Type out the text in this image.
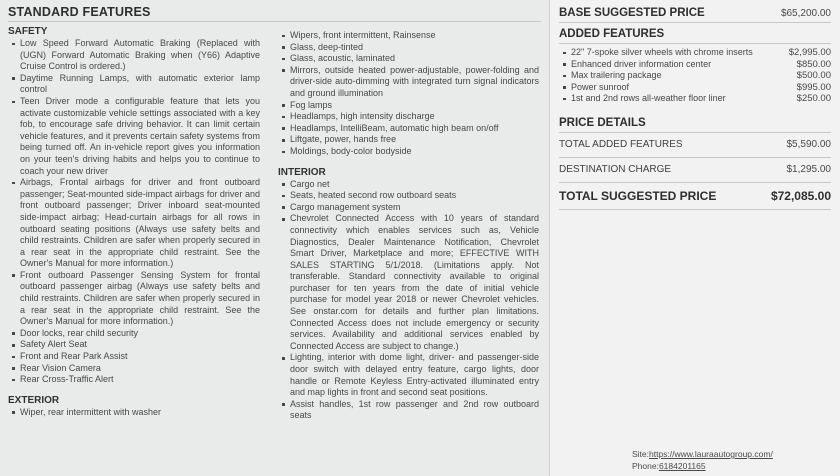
STANDARD FEATURES
SAFETY
Low Speed Forward Automatic Braking (Replaced with (UGN) Forward Automatic Braking when (Y66) Adaptive Cruise Control is ordered.)
Daytime Running Lamps, with automatic exterior lamp control
Teen Driver mode a configurable feature that lets you activate customizable vehicle settings associated with a key fob, to encourage safe driving behavior. It can limit certain vehicle features, and it prevents certain safety systems from being turned off. An in-vehicle report gives you information on your teen's driving habits and helps you to continue to coach your new driver
Airbags, Frontal airbags for driver and front outboard passenger; Seat-mounted side-impact airbags for driver and front outboard passenger; Driver inboard seat-mounted side-impact airbag; Head-curtain airbags for all rows in outboard seating positions (Always use safety belts and child restraints. Children are safer when properly secured in a rear seat in the appropriate child restraint. See the Owner's Manual for more information.)
Front outboard Passenger Sensing System for frontal outboard passenger airbag (Always use safety belts and child restraints. Children are safer when properly secured in a rear seat in the appropriate child restraint. See the Owner's Manual for more information.)
Door locks, rear child security
Safety Alert Seat
Front and Rear Park Assist
Rear Vision Camera
Rear Cross-Traffic Alert
EXTERIOR
Wiper, rear intermittent with washer
Wipers, front intermittent, Rainsense
Glass, deep-tinted
Glass, acoustic, laminated
Mirrors, outside heated power-adjustable, power-folding and driver-side auto-dimming with integrated turn signal indicators and ground illumination
Fog lamps
Headlamps, high intensity discharge
Headlamps, IntelliBeam, automatic high beam on/off
Liftgate, power, hands free
Moldings, body-color bodyside
INTERIOR
Cargo net
Seats, heated second row outboard seats
Cargo management system
Chevrolet Connected Access with 10 years of standard connectivity which enables services such as, Vehicle Diagnostics, Dealer Maintenance Notification, Chevrolet Smart Driver, Marketplace and more; EFFECTIVE WITH SALES STARTING 5/1/2018. (Limitations apply. Not transferable. Standard connectivity available to original purchaser for ten years from the date of initial vehicle purchase for model year 2018 or newer Chevrolet vehicles. See onstar.com for details and further plan limitations. Connected Access does not include emergency or security services. Availability and additional services enabled by Connected Access are subject to change.)
Lighting, interior with dome light, driver- and passenger-side door switch with delayed entry feature, cargo lights, door handle or Remote Keyless Entry-activated illuminated entry and map lights in front and second seat positions.
Assist handles, 1st row passenger and 2nd row outboard seats
BASE SUGGESTED PRICE	$65,200.00
ADDED FEATURES
22" 7-spoke silver wheels with chrome inserts	$2,995.00
Enhanced driver information center	$850.00
Max trailering package	$500.00
Power sunroof	$995.00
1st and 2nd rows all-weather floor liner	$250.00
PRICE DETAILS
TOTAL ADDED FEATURES	$5,590.00
DESTINATION CHARGE	$1,295.00
TOTAL SUGGESTED PRICE	$72,085.00
Site:https://www.lauraautogroup.com/
Phone:6184201165
